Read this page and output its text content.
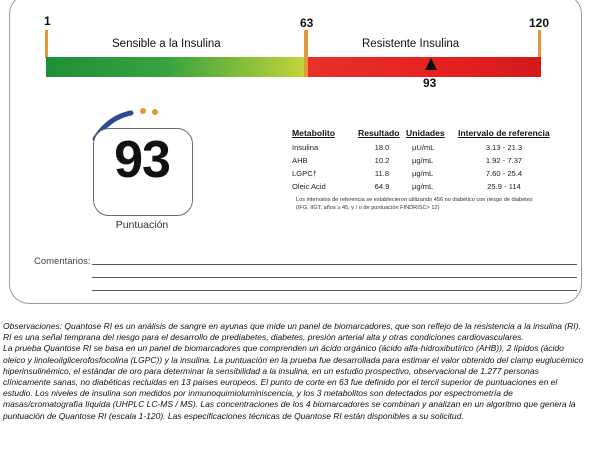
1	63	120
Sensible a la Insulina	Resistente Insulina
93
93
Puntuación
Metabolito	Resultado	Unidades	Intervalo de referencia
Insulina	18.0	µU/mL	3.13 - 21.3
AHB	10.2	µg/mL	1.92 - 7.37
LGPC†	11.8	µg/mL	7.60 - 25.4
Oleic Acid	64.9	µg/mL	25.9 - 114
Los intervalos de referencia se establecieron utilizando 456 no diabético con riesgo de diabetes (IFG, IIGT, años ≥ 45, y / o de puntuación FINDRISC> 12)
Comentarios:

Observaciones: Quantose RI es un análisis de sangre en ayunas que mide un panel de biomarcadores, que son reflejo de la resistencia a la insulina (RI).

RI es una señal temprana del riesgo para el desarrollo de prediabetes, diabetes, presión arterial alta y otras condiciones cardiovasculares.

La prueba Quantose RI se basa en un panel de biomarcadores que comprenden un ácido orgánico (ácido alfa-hidroxibutírico (AHB)), 2 lípidos (ácido oleico y linoleoilglicerofosfocolina (LGPC)) y la insulina. La puntuación en la prueba fue desarrollada para estimar el valor obtenido del clamp euglucémico hiperinsulinémico, el estándar de oro para determinar la sensibilidad a la insulina, en un estudio prospectivo, observacional de 1.277 personas clínicamente sanas, no diabéticas recluidas en 13 países europeos. El punto de corte en 63 fue definido por el tercil superior de puntuaciones en el estudio. Los niveles de insulina son medidos por inmunoquimioluminiscencia, y los 3 metabolitos son detectados por espectrometría de masas/cromatografía líquida (UHPLC LC-MS / MS). Las concentraciones de los 4 biomarcadores se combinan y analizan en un algoritmo que genera la puntuación de Quantose RI (escala 1-120). Las especificaciones técnicas de Quantose RI están disponibles a su solicitud.
